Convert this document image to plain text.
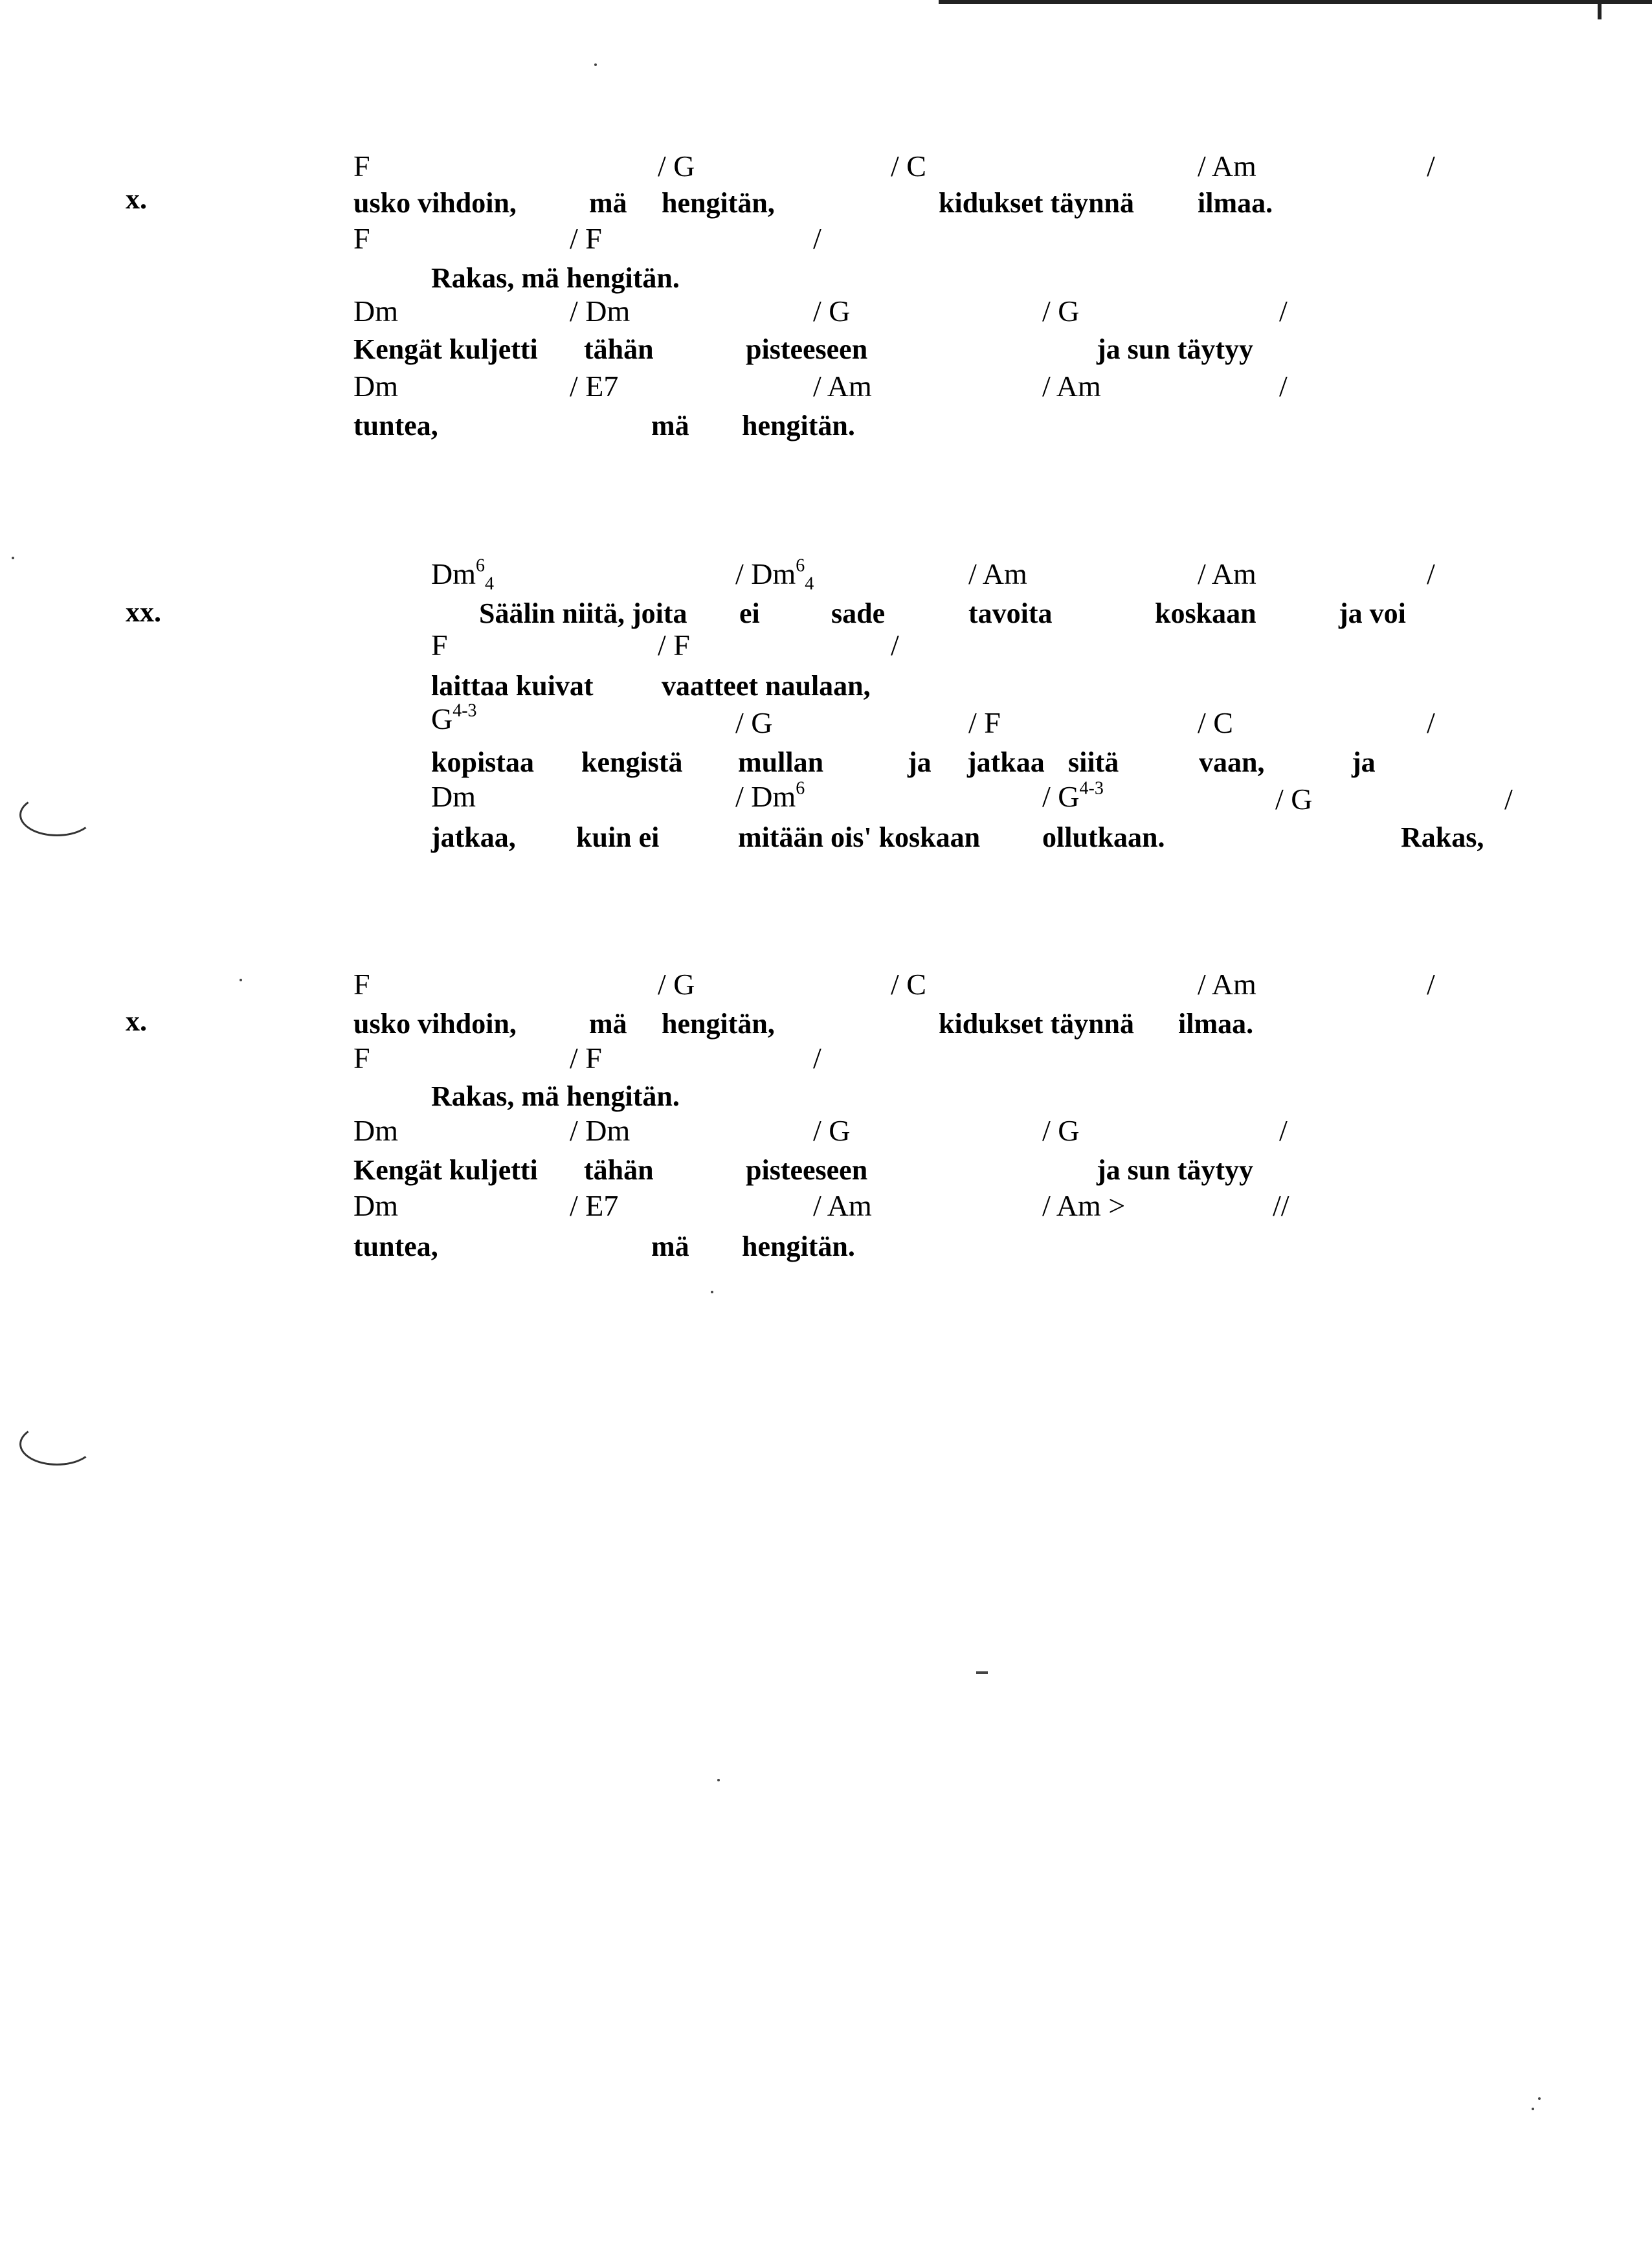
x.
F	/ G	/ C	/ Am	/
usko vihdoin,	mä hengitän,	kidukset täynnä ilmaa.
F	/ F	/
Rakas, mä hengitän.
Dm	/ Dm	/ G	/ G	/
Kengät kuljetti tähän	pisteeseen	ja sun täytyy
Dm	/ E7	/ Am	/ Am	/
tuntea,	mä hengitän.
xx.
$Dm^6_4$	/ $Dm^6_4$	/ Am	/ Am	/
Säälin niitä, joita ei	sade	tavoita	koskaan	ja voi
F	/ F	/
laittaa kuivat vaatteet naulaan,
$G^{4-3}$	/ G	/ F	/ C	/
kopistaa kengistä mullan	ja jatkaa siitä	vaan,	ja
Dm	/ Dm$^6$	/ $G^{4-3}$	/ G	/
jatkaa, kuin ei	mitään ois' koskaan ollutkaan.	Rakas,
x.
F	/ G	/ C	/ Am	/
usko vihdoin,	mä hengitän,	kidukset täynnä ilmaa.
F	/ F	/
Rakas, mä hengitän.
Dm	/ Dm	/ G	/ G	/
Kengät kuljetti tähän	pisteeseen	ja sun täytyy
Dm	/ E7	/ Am	/ Am >	//
tuntea,	mä hengitän.
